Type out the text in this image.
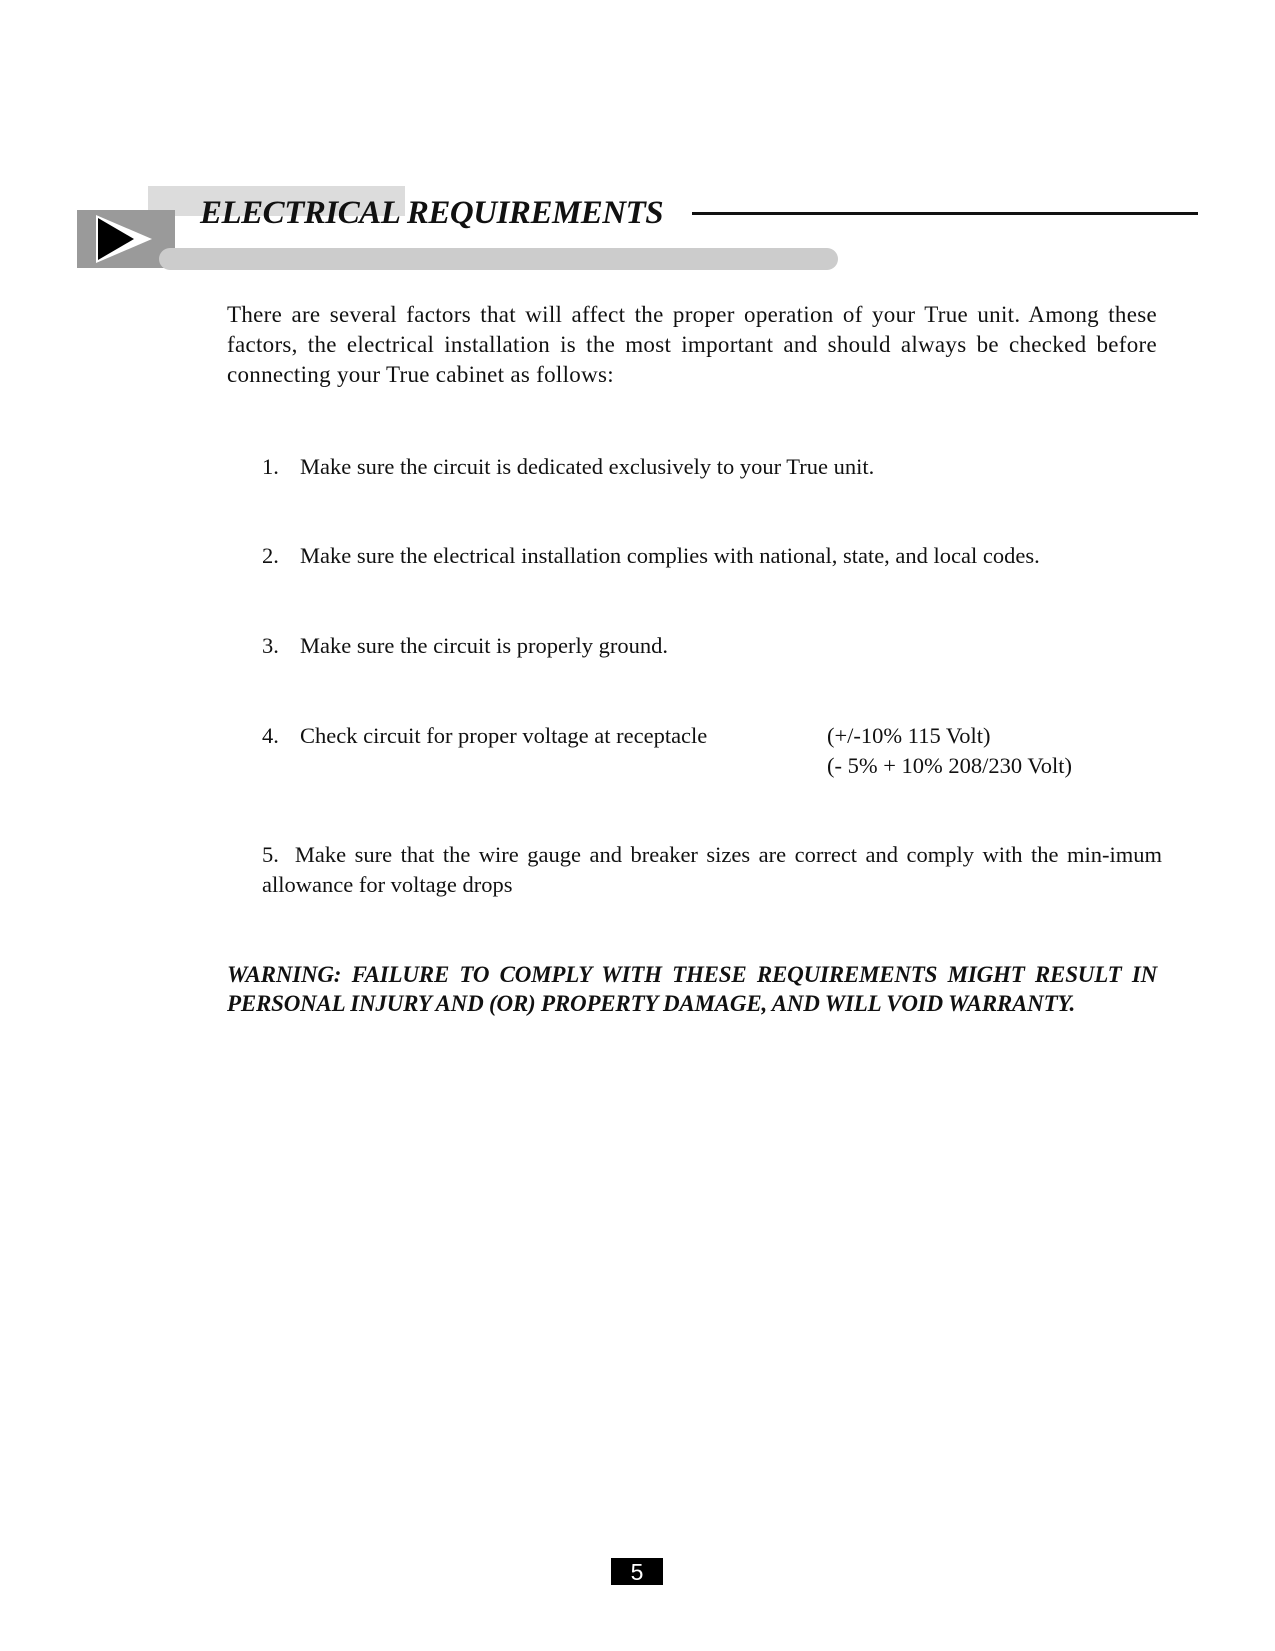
ELECTRICAL REQUIREMENTS
There are several factors that will affect the proper operation of your True unit. Among these factors, the electrical installation is the most important and should always be checked before connecting your True cabinet as follows:
1. Make sure the circuit is dedicated exclusively to your True unit.
2. Make sure the electrical installation complies with national, state, and local codes.
3. Make sure the circuit is properly ground.
4. Check circuit for proper voltage at receptacle	(+/-10% 115 Volt)
(- 5% + 10% 208/230 Volt)
5. Make sure that the wire gauge and breaker sizes are correct and comply with the min-imum allowance for voltage drops
WARNING: FAILURE TO COMPLY WITH THESE REQUIREMENTS MIGHT RESULT IN PERSONAL INJURY AND (OR) PROPERTY DAMAGE, AND WILL VOID WARRANTY.
5
